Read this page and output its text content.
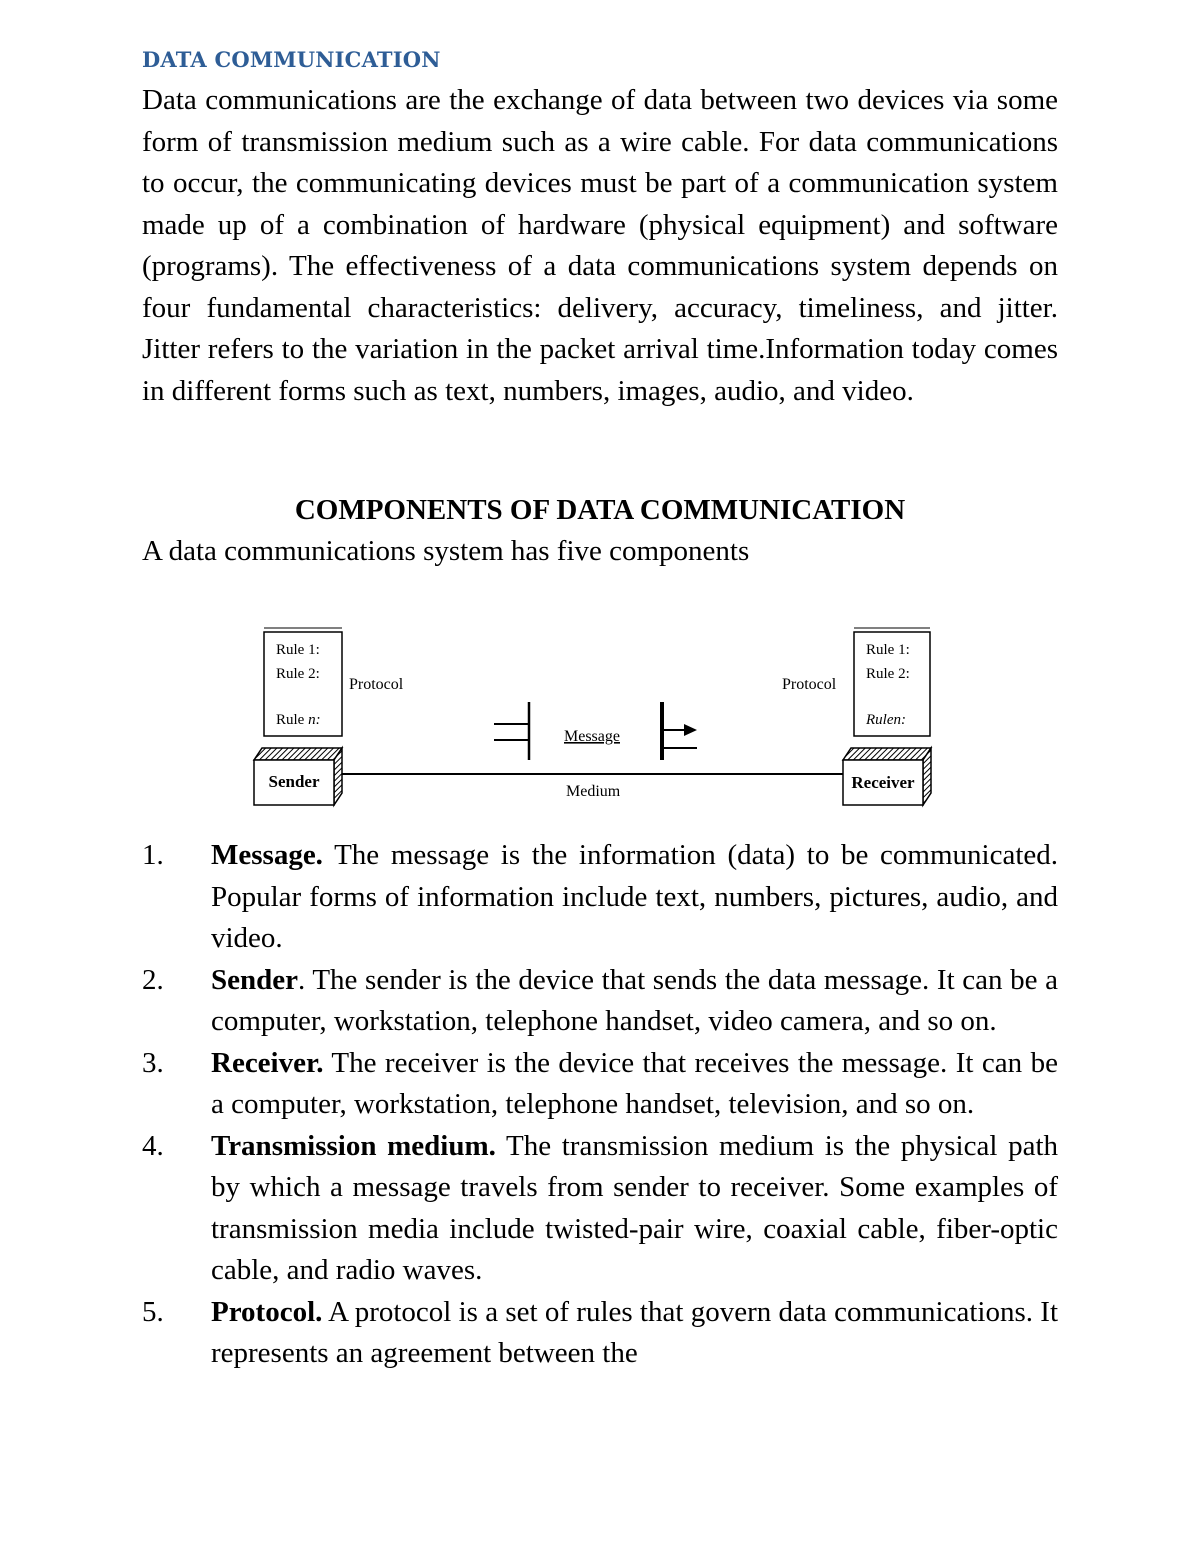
DATA COMMUNICATION

Data communications are the exchange of data between two devices via some form of transmission medium such as a wire cable. For data communications to occur, the communicating devices must be part of a communication system made up of a combination of hardware (physical equipment) and software (programs). The effectiveness of a data communications system depends on four fundamental characteristics: delivery, accuracy, timeliness, and jitter. Jitter refers to the variation in the packet arrival time.Information today comes in different forms such as text, numbers, images, audio, and video.

COMPONENTS OF DATA COMMUNICATION
A data communications system has five components
Rule 1:
Rule 2:
Rule n:
Protocol
Rule 1:
Rule 2:
Rulen:
Protocol
Message
Medium
Sender	Receiver
1. Message. The message is the information (data) to be communicated. Popular forms of information include text, numbers, pictures, audio, and video.
2. Sender. The sender is the device that sends the data message. It can be a computer, workstation, telephone handset, video camera, and so on.
3. Receiver. The receiver is the device that receives the message. It can be a computer, workstation, telephone handset, television, and so on.
4. Transmission medium. The transmission medium is the physical path by which a message travels from sender to receiver. Some examples of transmission media include twisted-pair wire, coaxial cable, fiber-optic cable, and radio waves.
5. Protocol. A protocol is a set of rules that govern data communications. It represents an agreement between the
